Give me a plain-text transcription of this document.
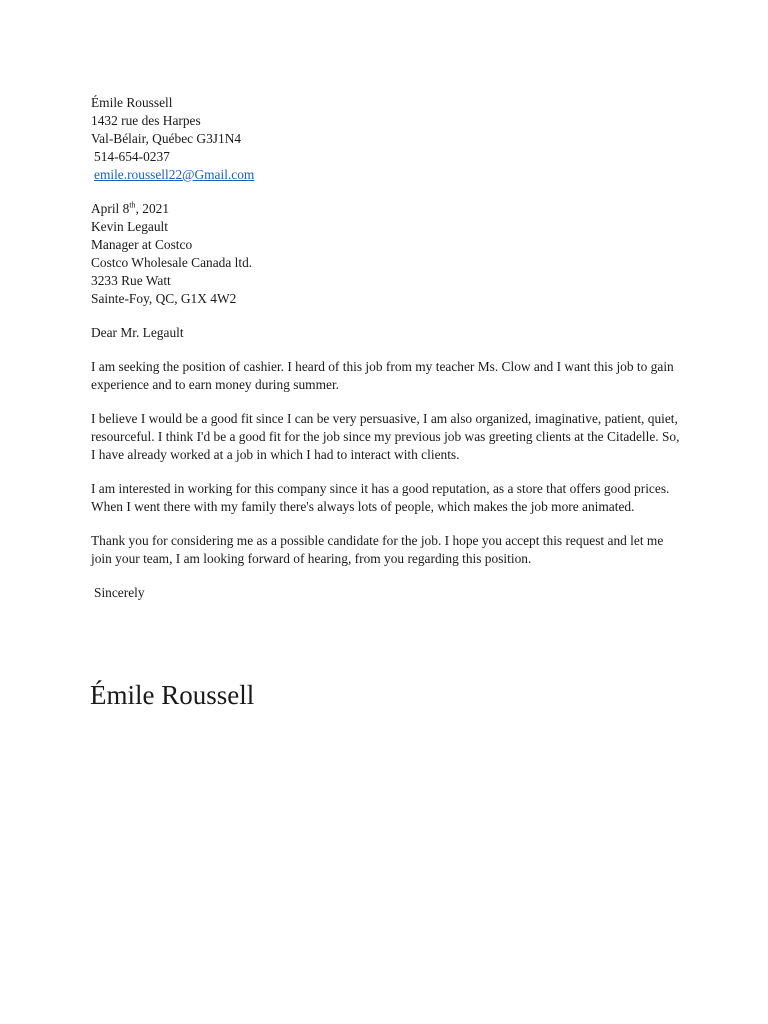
Émile Roussell
1432 rue des Harpes
Val-Bélair, Québec G3J1N4
514-654-0237
emile.roussell22@Gmail.com
April 8th, 2021
Kevin Legault
Manager at Costco
Costco Wholesale Canada ltd.
3233 Rue Watt
Sainte-Foy, QC, G1X 4W2

Dear Mr. Legault

I am seeking the position of cashier. I heard of this job from my teacher Ms. Clow and I want this job to gain experience and to earn money during summer.

I believe I would be a good fit since I can be very persuasive, I am also organized, imaginative, patient, quiet, resourceful. I think I'd be a good fit for the job since my previous job was greeting clients at the Citadelle. So, I have already worked at a job in which I had to interact with clients.

I am interested in working for this company since it has a good reputation, as a store that offers good prices. When I went there with my family there's always lots of people, which makes the job more animated.

Thank you for considering me as a possible candidate for the job. I hope you accept this request and let me join your team, I am looking forward of hearing, from you regarding this position.

Sincerely

Émile Roussell
